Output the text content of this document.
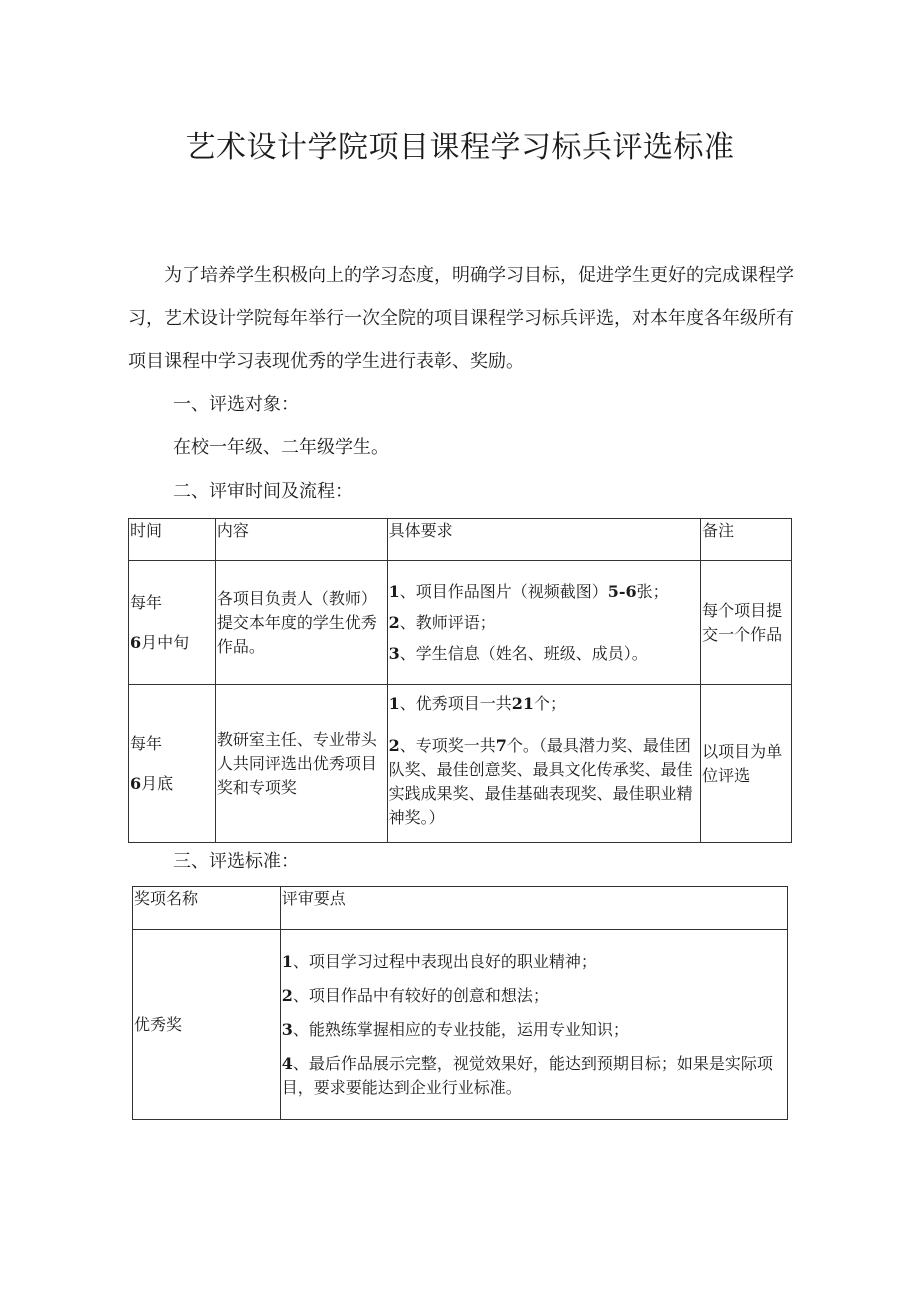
艺术设计学院项目课程学习标兵评选标准

为了培养学生积极向上的学习态度，明确学习目标，促进学生更好的完成课程学习，艺术设计学院每年举行一次全院的项目课程学习标兵评选，对本年度各年级所有项目课程中学习表现优秀的学生进行表彰、奖励。

一、评选对象：

在校一年级、二年级学生。

二、评审时间及流程：

时间	内容	具体要求	备注

每年
6月中旬	各项目负责人（教师）提交本年度的学生优秀作品。	1、项目作品图片（视频截图）5-6张；
2、教师评语；
3、学生信息（姓名、班级、成员）。	每个项目提交一个作品

每年
6月底	教研室主任、专业带头人共同评选出优秀项目奖和专项奖	1、优秀项目一共21个；
2、专项奖一共7个。（最具潜力奖、最佳团队奖、最佳创意奖、最具文化传承奖、最佳实践成果奖、最佳基础表现奖、最佳职业精神奖。）	以项目为单位评选

三、评选标准：

奖项名称	评审要点
优秀奖	1、项目学习过程中表现出良好的职业精神；
2、项目作品中有较好的创意和想法；
3、能熟练掌握相应的专业技能，运用专业知识；
4、最后作品展示完整，视觉效果好，能达到预期目标；如果是实际项目，要求要能达到企业行业标准。
